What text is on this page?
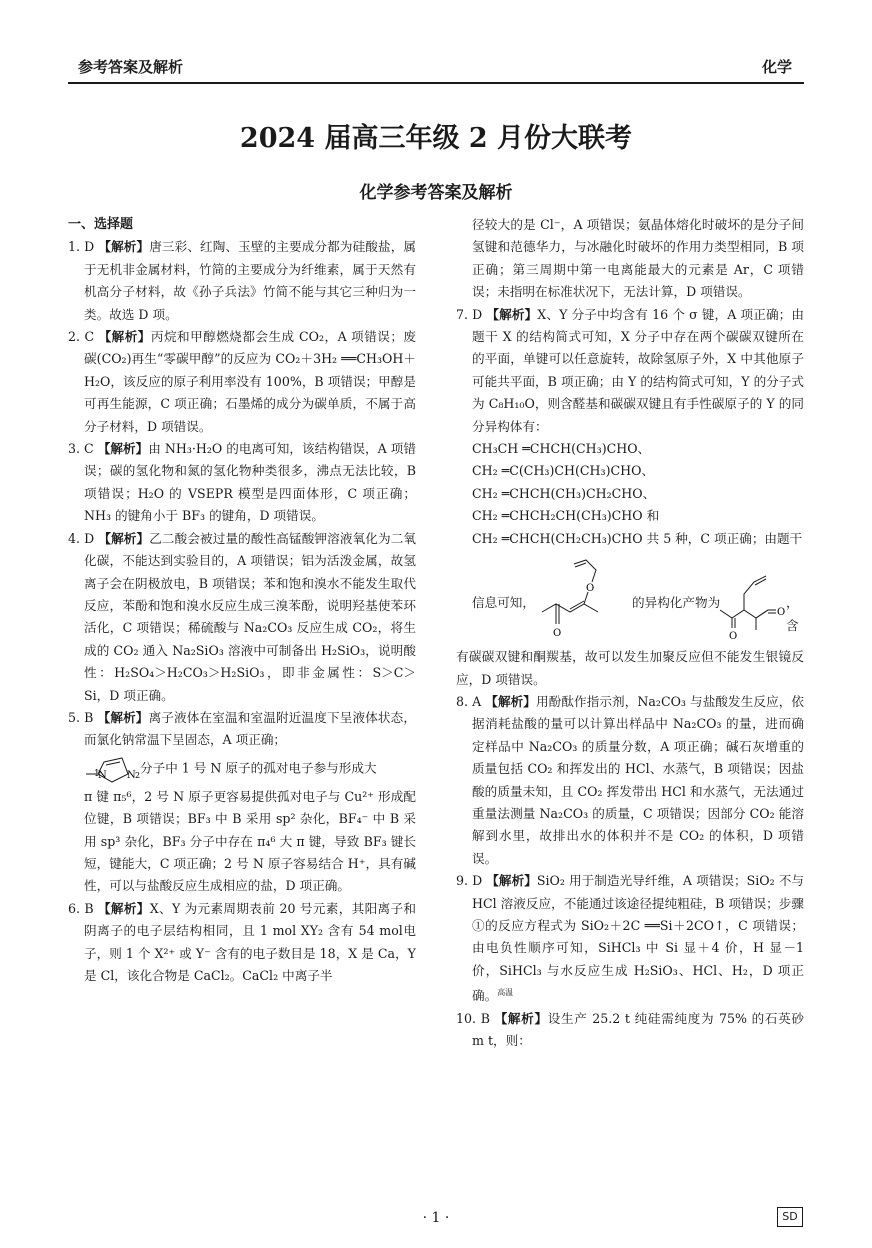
参考答案及解析	化学
2024 届高三年级 2 月份大联考
化学参考答案及解析

一、选择题

1. D 【解析】唐三彩、红陶、玉壁的主要成分都为硅酸盐，属于无机非金属材料，竹简的主要成分为纤维素，属于天然有机高分子材料，故《孙子兵法》竹简不能与其它三种归为一类。故选 D 项。

2. C 【解析】丙烷和甲醇燃烧都会生成 CO₂，A 项错误；废碳(CO₂)再生“零碳甲醇”的反应为 CO₂＋3H₂ ══CH₃OH＋H₂O，该反应的原子利用率没有 100%，B 项错误；甲醇是可再生能源，C 项正确；石墨烯的成分为碳单质，不属于高分子材料，D 项错误。

3. C 【解析】由 NH₃·H₂O 的电离可知，该结构错误，A 项错误；碳的氢化物和氮的氢化物种类很多，沸点无法比较，B 项错误；H₂O 的 VSEPR 模型是四面体形，C 项正确；NH₃ 的键角小于 BF₃ 的键角，D 项错误。

4. D 【解析】乙二酸会被过量的酸性高锰酸钾溶液氧化为二氧化碳，不能达到实验目的，A 项错误；铝为活泼金属，故氢离子会在阴极放电，B 项错误；苯和饱和溴水不能发生取代反应，苯酚和饱和溴水反应生成三溴苯酚，说明羟基使苯环活化，C 项错误；稀硫酸与 Na₂CO₃ 反应生成 CO₂，将生成的 CO₂ 通入 Na₂SiO₃ 溶液中可制备出 H₂SiO₃，说明酸性：H₂SO₄＞H₂CO₃＞H₂SiO₃，即非金属性：S＞C＞Si，D 项正确。

5. B 【解析】离子液体在室温和室温附近温度下呈液体状态，而氯化钠常温下呈固态，A 项正确；

1
N N 2 分子中 1 号 N 原子的孤对电子参与形成大

π 键 π₅⁶，2 号 N 原子更容易提供孤对电子与 Cu²⁺ 形成配位键，B 项错误；BF₃ 中 B 采用 sp² 杂化，BF₄⁻ 中 B 采用 sp³ 杂化，BF₃ 分子中存在 π₄⁶ 大 π 键，导致 BF₃ 键长短，键能大，C 项正确；2 号 N 原子容易结合 H⁺，具有碱性，可以与盐酸反应生成相应的盐，D 项正确。

6. B 【解析】X、Y 为元素周期表前 20 号元素，其阳离子和阴离子的电子层结构相同，且 1 mol XY₂ 含有 54 mol电子，则 1 个 X²⁺ 或 Y⁻ 含有的电子数目是 18，X 是 Ca，Y 是 Cl，该化合物是 CaCl₂。CaCl₂ 中离子半

径较大的是 Cl⁻，A 项错误；氨晶体熔化时破坏的是分子间氢键和范德华力，与冰融化时破坏的作用力类型相同，B 项正确；第三周期中第一电离能最大的元素是 Ar，C 项错误；未指明在标准状况下，无法计算，D 项错误。

7. D 【解析】X、Y 分子中均含有 16 个 σ 键，A 项正确；由题干 X 的结构简式可知，X 分子中存在两个碳碳双键所在的平面，单键可以任意旋转，故除氢原子外，X 中其他原子可能共平面，B 项正确；由 Y 的结构简式可知，Y 的分子式为 C₈H₁₀O，则含醛基和碳碳双键且有手性碳原子的 Y 的同分异构体有：

CH₃CH ═CHCH(CH₃)CHO、

CH₂ ═C(CH₃)CH(CH₃)CHO、

CH₂ ═CHCH(CH₃)CH₂CHO、

CH₂ ═CHCH₂CH(CH₃)CHO 和

CH₂ ═CHCH(CH₂CH₃)CHO 共 5 种，C 项正确；由题干

信息可知，
O
O
的异构化产物为
O
O
，含

有碳碳双键和酮羰基，故可以发生加聚反应但不能发生银镜反应，D 项错误。

8. A 【解析】用酚酞作指示剂，Na₂CO₃ 与盐酸发生反应，依据消耗盐酸的量可以计算出样品中 Na₂CO₃ 的量，进而确定样品中 Na₂CO₃ 的质量分数，A 项正确；碱石灰增重的质量包括 CO₂ 和挥发出的 HCl、水蒸气，B 项错误；因盐酸的质量未知，且 CO₂ 挥发带出 HCl 和水蒸气，无法通过重量法测量 Na₂CO₃ 的质量，C 项错误；因部分 CO₂ 能溶解到水里，故排出水的体积并不是 CO₂ 的体积，D 项错误。

9. D 【解析】SiO₂ 用于制造光导纤维，A 项错误；SiO₂ 不与 HCl 溶液反应，不能通过该途径提纯粗硅，B 项错误；步骤①的反应方程式为 SiO₂＋2C ══Si＋2CO↑，C 项错误；由电负性顺序可知，SiHCl₃ 中 Si 显＋4 价，H 显－1 价，SiHCl₃ 与水反应生成 H₂SiO₃、HCl、H₂，D 项正确。$^{高温}$

10. B 【解析】设生产 25.2 t 纯硅需纯度为 75% 的石英砂 m t，则：

· 1 ·	SD
